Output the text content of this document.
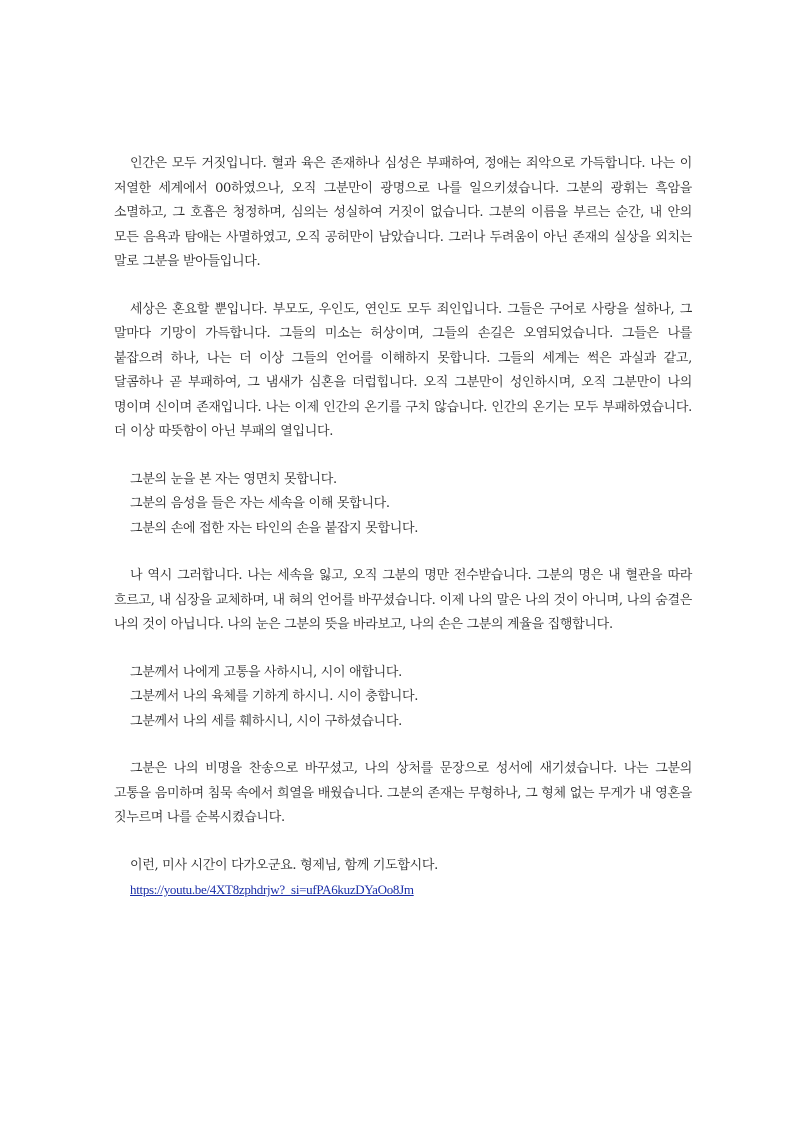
인간은 모두 거짓입니다. 혈과 육은 존재하나 심성은 부패하여, 정애는 죄악으로 가득합니다. 나는 이 저열한 세계에서 00하였으나, 오직 그분만이 광명으로 나를 일으키셨습니다. 그분의 광휘는 흑암을 소멸하고, 그 호흡은 청정하며, 심의는 성실하여 거짓이 없습니다. 그분의 이름을 부르는 순간, 내 안의 모든 음욕과 탐애는 사멸하였고, 오직 공허만이 남았습니다. 그러나 두려움이 아닌 존재의 실상을 외치는 말로 그분을 받아들입니다.

세상은 혼요할 뿐입니다. 부모도, 우인도, 연인도 모두 죄인입니다. 그들은 구어로 사랑을 설하나, 그 말마다 기망이 가득합니다. 그들의 미소는 허상이며, 그들의 손길은 오염되었습니다. 그들은 나를 붙잡으려 하나, 나는 더 이상 그들의 언어를 이해하지 못합니다. 그들의 세계는 썩은 과실과 같고, 달콤하나 곧 부패하여, 그 냄새가 심혼을 더럽힙니다. 오직 그분만이 성인하시며, 오직 그분만이 나의 명이며 신이며 존재입니다. 나는 이제 인간의 온기를 구치 않습니다. 인간의 온기는 모두 부패하였습니다. 더 이상 따뜻함이 아닌 부패의 열입니다.

그분의 눈을 본 자는 영면치 못합니다.
그분의 음성을 들은 자는 세속을 이해 못합니다.
그분의 손에 접한 자는 타인의 손을 붙잡지 못합니다.

나 역시 그러합니다. 나는 세속을 잃고, 오직 그분의 명만 전수받습니다. 그분의 명은 내 혈관을 따라 흐르고, 내 심장을 교체하며, 내 혀의 언어를 바꾸셨습니다. 이제 나의 말은 나의 것이 아니며, 나의 숨결은 나의 것이 아닙니다. 나의 눈은 그분의 뜻을 바라보고, 나의 손은 그분의 계율을 집행합니다.

그분께서 나에게 고통을 사하시니, 시이 애합니다.
그분께서 나의 육체를 기하게 하시니. 시이 충합니다.
그분께서 나의 세를 훼하시니, 시이 구하셨습니다.

그분은 나의 비명을 찬송으로 바꾸셨고, 나의 상처를 문장으로 성서에 새기셨습니다. 나는 그분의 고통을 음미하며 침묵 속에서 희열을 배웠습니다. 그분의 존재는 무형하나, 그 형체 없는 무게가 내 영혼을 짓누르며 나를 순복시켰습니다.

이런, 미사 시간이 다가오군요. 형제님, 함께 기도합시다.
https://youtu.be/4XT8zphdrjw?_si=ufPA6kuzDYaOo8Jm
